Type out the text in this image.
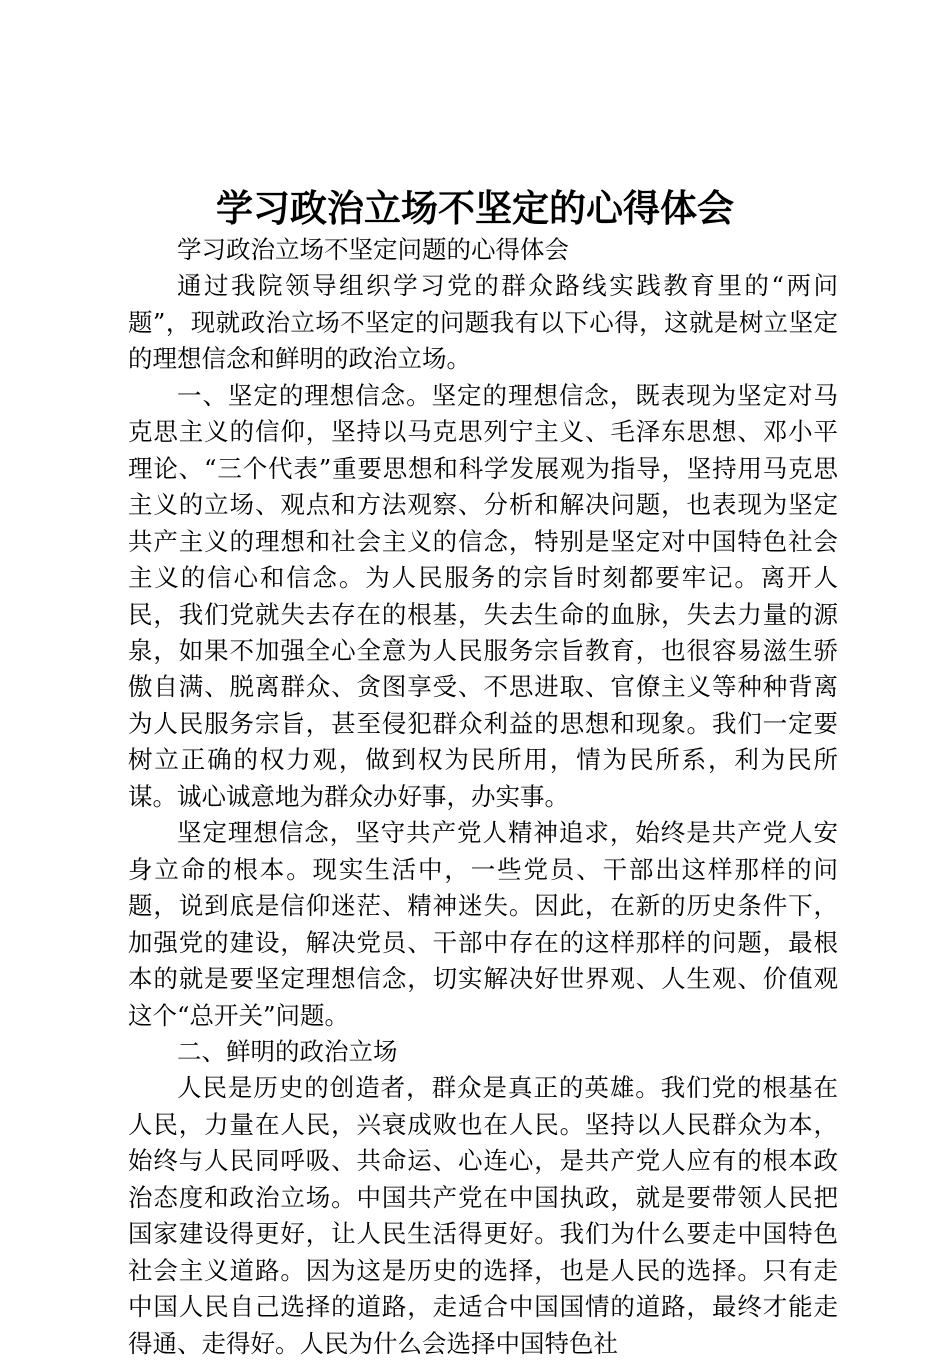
学习政治立场不坚定的心得体会

学习政治立场不坚定问题的心得体会

通过我院领导组织学习党的群众路线实践教育里的“两问题”，现就政治立场不坚定的问题我有以下心得，这就是树立坚定的理想信念和鲜明的政治立场。

一、坚定的理想信念。坚定的理想信念，既表现为坚定对马克思主义的信仰，坚持以马克思列宁主义、毛泽东思想、邓小平理论、“三个代表”重要思想和科学发展观为指导，坚持用马克思主义的立场、观点和方法观察、分析和解决问题，也表现为坚定共产主义的理想和社会主义的信念，特别是坚定对中国特色社会主义的信心和信念。为人民服务的宗旨时刻都要牢记。离开人民，我们党就失去存在的根基，失去生命的血脉，失去力量的源泉，如果不加强全心全意为人民服务宗旨教育，也很容易滋生骄傲自满、脱离群众、贪图享受、不思进取、官僚主义等种种背离为人民服务宗旨，甚至侵犯群众利益的思想和现象。我们一定要树立正确的权力观，做到权为民所用，情为民所系，利为民所谋。诚心诚意地为群众办好事，办实事。

坚定理想信念，坚守共产党人精神追求，始终是共产党人安身立命的根本。现实生活中，一些党员、干部出这样那样的问题，说到底是信仰迷茫、精神迷失。因此，在新的历史条件下，加强党的建设，解决党员、干部中存在的这样那样的问题，最根本的就是要坚定理想信念，切实解决好世界观、人生观、价值观这个“总开关”问题。

二、鲜明的政治立场

人民是历史的创造者，群众是真正的英雄。我们党的根基在人民，力量在人民，兴衰成败也在人民。坚持以人民群众为本，始终与人民同呼吸、共命运、心连心，是共产党人应有的根本政治态度和政治立场。中国共产党在中国执政，就是要带领人民把国家建设得更好，让人民生活得更好。我们为什么要走中国特色社会主义道路。因为这是历史的选择，也是人民的选择。只有走中国人民自己选择的道路，走适合中国国情的道路，最终才能走得通、走得好。人民为什么会选择中国特色社
